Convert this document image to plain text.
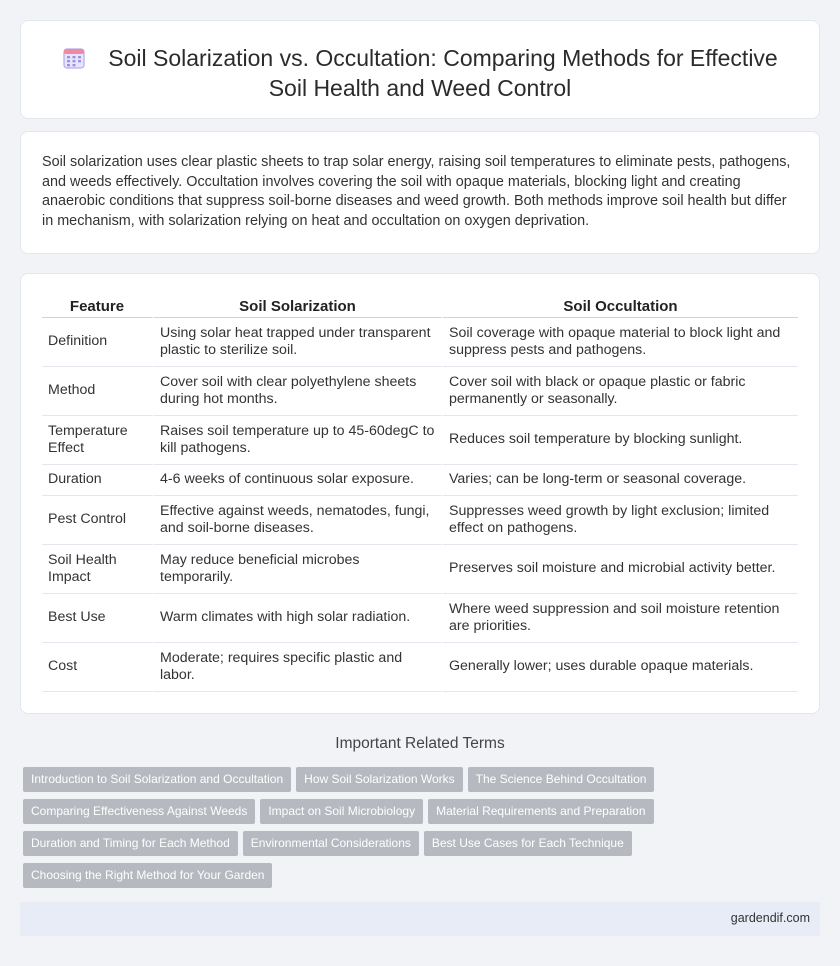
Soil Solarization vs. Occultation: Comparing Methods for Effective Soil Health and Weed Control

Soil solarization uses clear plastic sheets to trap solar energy, raising soil temperatures to eliminate pests, pathogens, and weeds effectively. Occultation involves covering the soil with opaque materials, blocking light and creating anaerobic conditions that suppress soil-borne diseases and weed growth. Both methods improve soil health but differ in mechanism, with solarization relying on heat and occultation on oxygen deprivation.

Feature	Soil Solarization	Soil Occultation
Definition	Using solar heat trapped under transparent plastic to sterilize soil.	Soil coverage with opaque material to block light and suppress pests and pathogens.
Method	Cover soil with clear polyethylene sheets during hot months.	Cover soil with black or opaque plastic or fabric permanently or seasonally.
Temperature Effect	Raises soil temperature up to 45-60degC to kill pathogens.	Reduces soil temperature by blocking sunlight.
Duration	4-6 weeks of continuous solar exposure.	Varies; can be long-term or seasonal coverage.
Pest Control	Effective against weeds, nematodes, fungi, and soil-borne diseases.	Suppresses weed growth by light exclusion; limited effect on pathogens.
Soil Health Impact	May reduce beneficial microbes temporarily.	Preserves soil moisture and microbial activity better.
Best Use	Warm climates with high solar radiation.	Where weed suppression and soil moisture retention are priorities.
Cost	Moderate; requires specific plastic and labor.	Generally lower; uses durable opaque materials.
Important Related Terms
Introduction to Soil Solarization and Occultation How Soil Solarization Works The Science Behind Occultation
Comparing Effectiveness Against Weeds Impact on Soil Microbiology Material Requirements and Preparation
Duration and Timing for Each Method Environmental Considerations Best Use Cases for Each Technique
Choosing the Right Method for Your Garden
gardendif.com
